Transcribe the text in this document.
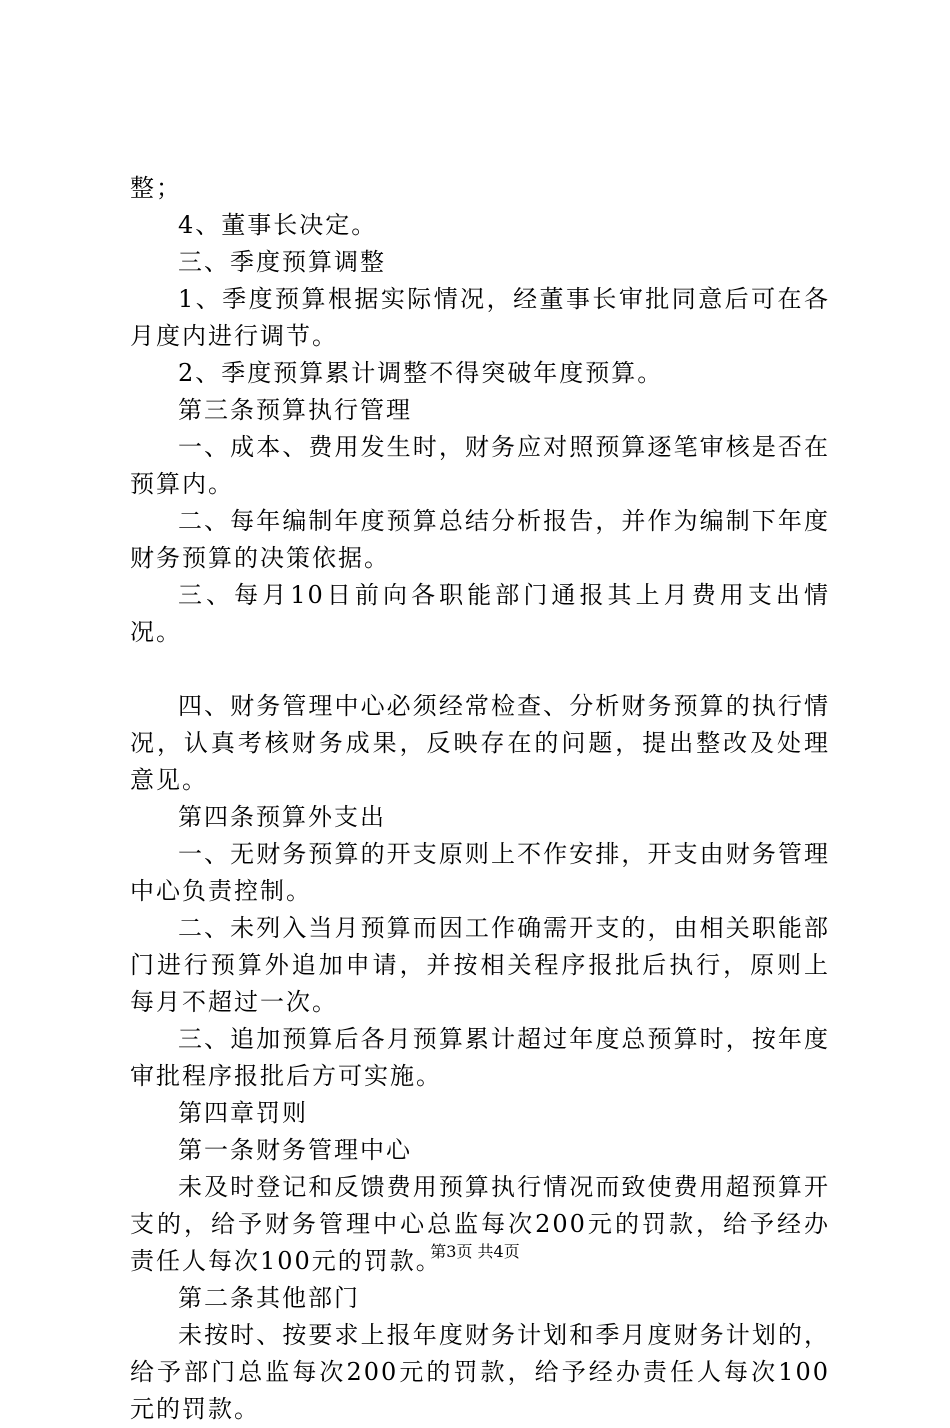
整；

4、董事长决定。

三、季度预算调整

1、季度预算根据实际情况，经董事长审批同意后可在各月度内进行调节。

2、季度预算累计调整不得突破年度预算。

第三条预算执行管理

一、成本、费用发生时，财务应对照预算逐笔审核是否在预算内。

二、每年编制年度预算总结分析报告，并作为编制下年度财务预算的决策依据。

三、每月10日前向各职能部门通报其上月费用支出情况。

四、财务管理中心必须经常检查、分析财务预算的执行情况，认真考核财务成果，反映存在的问题，提出整改及处理意见。

第四条预算外支出

一、无财务预算的开支原则上不作安排，开支由财务管理中心负责控制。

二、未列入当月预算而因工作确需开支的，由相关职能部门进行预算外追加申请，并按相关程序报批后执行，原则上每月不超过一次。

三、追加预算后各月预算累计超过年度总预算时，按年度审批程序报批后方可实施。

第四章罚则

第一条财务管理中心

未及时登记和反馈费用预算执行情况而致使费用超预算开支的，给予财务管理中心总监每次200元的罚款，给予经办责任人每次100元的罚款。

第二条其他部门

未按时、按要求上报年度财务计划和季月度财务计划的，给予部门总监每次200元的罚款，给予经办责任人每次100元的罚款。

第3页 共4页
